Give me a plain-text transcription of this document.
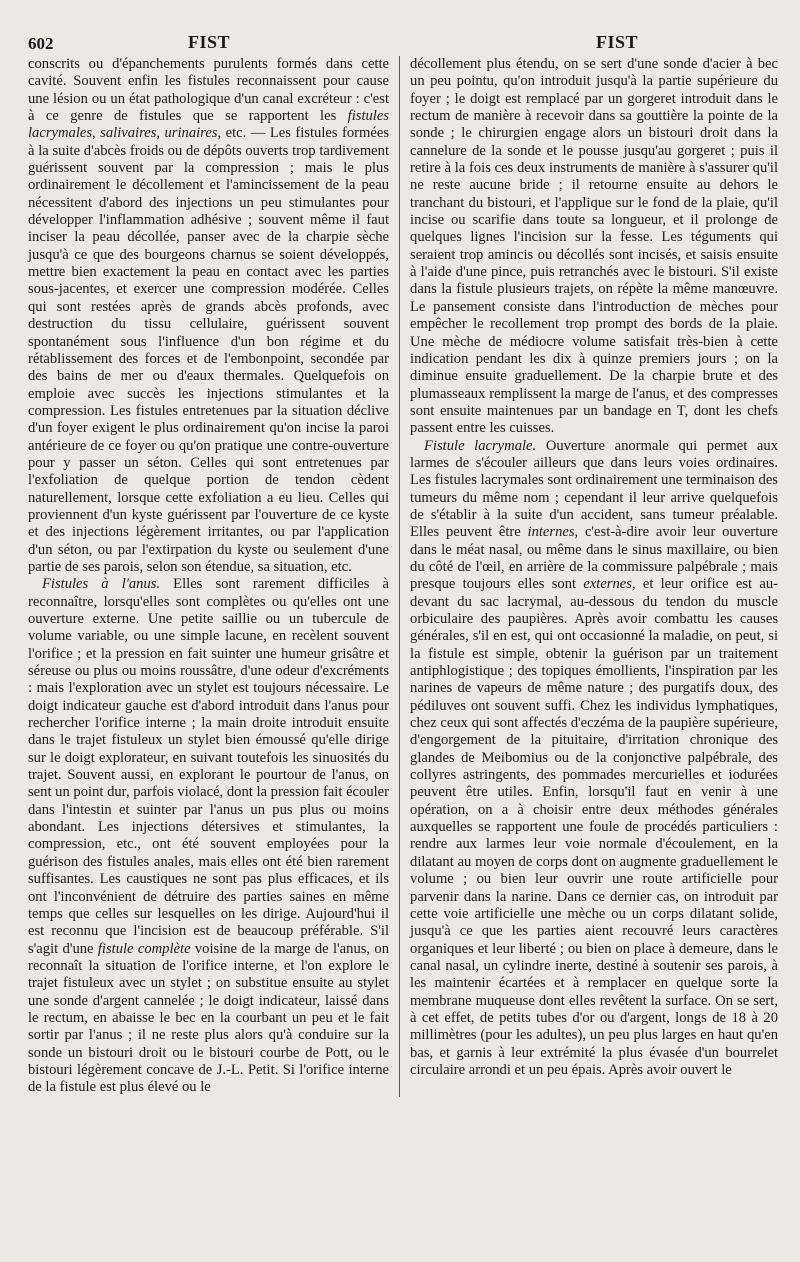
602	FIST	FIST

conscrits ou d'épanchements purulents formés dans cette cavité. Souvent enfin les fistules reconnaissent pour cause une lésion ou un état pathologique d'un canal excréteur : c'est à ce genre de fistules que se rapportent les fistules lacrymales, salivaires, urinaires, etc. — Les fistules formées à la suite d'abcès froids ou de dépôts ouverts trop tardivement guérissent souvent par la compression ; mais le plus ordinairement le décollement et l'amincissement de la peau nécessitent d'abord des injections un peu stimulantes pour développer l'inflammation adhésive ; souvent même il faut inciser la peau décollée, panser avec de la charpie sèche jusqu'à ce que des bourgeons charnus se soient développés, mettre bien exactement la peau en contact avec les parties sous-jacentes, et exercer une compression modérée. Celles qui sont restées après de grands abcès profonds, avec destruction du tissu cellulaire, guérissent souvent spontanément sous l'influence d'un bon régime et du rétablissement des forces et de l'embonpoint, secondée par des bains de mer ou d'eaux thermales. Quelquefois on emploie avec succès les injections stimulantes et la compression. Les fistules entretenues par la situation déclive d'un foyer exigent le plus ordinairement qu'on incise la paroi antérieure de ce foyer ou qu'on pratique une contre-ouverture pour y passer un séton. Celles qui sont entretenues par l'exfoliation de quelque portion de tendon cèdent naturellement, lorsque cette exfoliation a eu lieu. Celles qui proviennent d'un kyste guérissent par l'ouverture de ce kyste et des injections légèrement irritantes, ou par l'application d'un séton, ou par l'extirpation du kyste ou seulement d'une partie de ses parois, selon son étendue, sa situation, etc.

Fistules à l'anus. Elles sont rarement difficiles à reconnaître, lorsqu'elles sont complètes ou qu'elles ont une ouverture externe. Une petite saillie ou un tubercule de volume variable, ou une simple lacune, en recèlent souvent l'orifice ; et la pression en fait suinter une humeur grisâtre et séreuse ou plus ou moins roussâtre, d'une odeur d'excréments : mais l'exploration avec un stylet est toujours nécessaire. Le doigt indicateur gauche est d'abord introduit dans l'anus pour rechercher l'orifice interne ; la main droite introduit ensuite dans le trajet fistuleux un stylet bien émoussé qu'elle dirige sur le doigt explorateur, en suivant toutefois les sinuosités du trajet. Souvent aussi, en explorant le pourtour de l'anus, on sent un point dur, parfois violacé, dont la pression fait écouler dans l'intestin et suinter par l'anus un pus plus ou moins abondant. Les injections détersives et stimulantes, la compression, etc., ont été souvent employées pour la guérison des fistules anales, mais elles ont été bien rarement suffisantes. Les caustiques ne sont pas plus efficaces, et ils ont l'inconvénient de détruire des parties saines en même temps que celles sur lesquelles on les dirige. Aujourd'hui il est reconnu que l'incision est de beaucoup préférable. S'il s'agit d'une fistule complète voisine de la marge de l'anus, on reconnaît la situation de l'orifice interne, et l'on explore le trajet fistuleux avec un stylet ; on substitue ensuite au stylet une sonde d'argent cannelée ; le doigt indicateur, laissé dans le rectum, en abaisse le bec en la courbant un peu et le fait sortir par l'anus ; il ne reste plus alors qu'à conduire sur la sonde un bistouri droit ou le bistouri courbe de Pott, ou le bistouri légèrement concave de J.-L. Petit. Si l'orifice interne de la fistule est plus élevé ou le

décollement plus étendu, on se sert d'une sonde d'acier à bec un peu pointu, qu'on introduit jusqu'à la partie supérieure du foyer ; le doigt est remplacé par un gorgeret introduit dans le rectum de manière à recevoir dans sa gouttière la pointe de la sonde ; le chirurgien engage alors un bistouri droit dans la cannelure de la sonde et le pousse jusqu'au gorgeret ; puis il retire à la fois ces deux instruments de manière à s'assurer qu'il ne reste aucune bride ; il retourne ensuite au dehors le tranchant du bistouri, et l'applique sur le fond de la plaie, qu'il incise ou scarifie dans toute sa longueur, et il prolonge de quelques lignes l'incision sur la fesse. Les téguments qui seraient trop amincis ou décollés sont incisés, et saisis ensuite à l'aide d'une pince, puis retranchés avec le bistouri. S'il existe dans la fistule plusieurs trajets, on répète la même manœuvre. Le pansement consiste dans l'introduction de mèches pour empêcher le recollement trop prompt des bords de la plaie. Une mèche de médiocre volume satisfait très-bien à cette indication pendant les dix à quinze premiers jours ; on la diminue ensuite graduellement. De la charpie brute et des plumasseaux remplissent la marge de l'anus, et des compresses sont ensuite maintenues par un bandage en T, dont les chefs passent entre les cuisses.

Fistule lacrymale. Ouverture anormale qui permet aux larmes de s'écouler ailleurs que dans leurs voies ordinaires. Les fistules lacrymales sont ordinairement une terminaison des tumeurs du même nom ; cependant il leur arrive quelquefois de s'établir à la suite d'un accident, sans tumeur préalable. Elles peuvent être internes, c'est-à-dire avoir leur ouverture dans le méat nasal, ou même dans le sinus maxillaire, ou bien du côté de l'œil, en arrière de la commissure palpébrale ; mais presque toujours elles sont externes, et leur orifice est au-devant du sac lacrymal, au-dessous du tendon du muscle orbiculaire des paupières. Après avoir combattu les causes générales, s'il en est, qui ont occasionné la maladie, on peut, si la fistule est simple, obtenir la guérison par un traitement antiphlogistique ; des topiques émollients, l'inspiration par les narines de vapeurs de même nature ; des purgatifs doux, des pédiluves ont souvent suffi. Chez les individus lymphatiques, chez ceux qui sont affectés d'eczéma de la paupière supérieure, d'engorgement de la pituitaire, d'irritation chronique des glandes de Meibomius ou de la conjonctive palpébrale, des collyres astringents, des pommades mercurielles et iodurées peuvent être utiles. Enfin, lorsqu'il faut en venir à une opération, on a à choisir entre deux méthodes générales auxquelles se rapportent une foule de procédés particuliers : rendre aux larmes leur voie normale d'écoulement, en la dilatant au moyen de corps dont on augmente graduellement le volume ; ou bien leur ouvrir une route artificielle pour parvenir dans la narine. Dans ce dernier cas, on introduit par cette voie artificielle une mèche ou un corps dilatant solide, jusqu'à ce que les parties aient recouvré leurs caractères organiques et leur liberté ; ou bien on place à demeure, dans le canal nasal, un cylindre inerte, destiné à soutenir ses parois, à les maintenir écartées et à remplacer en quelque sorte la membrane muqueuse dont elles revêtent la surface. On se sert, à cet effet, de petits tubes d'or ou d'argent, longs de 18 à 20 millimètres (pour les adultes), un peu plus larges en haut qu'en bas, et garnis à leur extrémité la plus évasée d'un bourrelet circulaire arrondi et un peu épais. Après avoir ouvert le
